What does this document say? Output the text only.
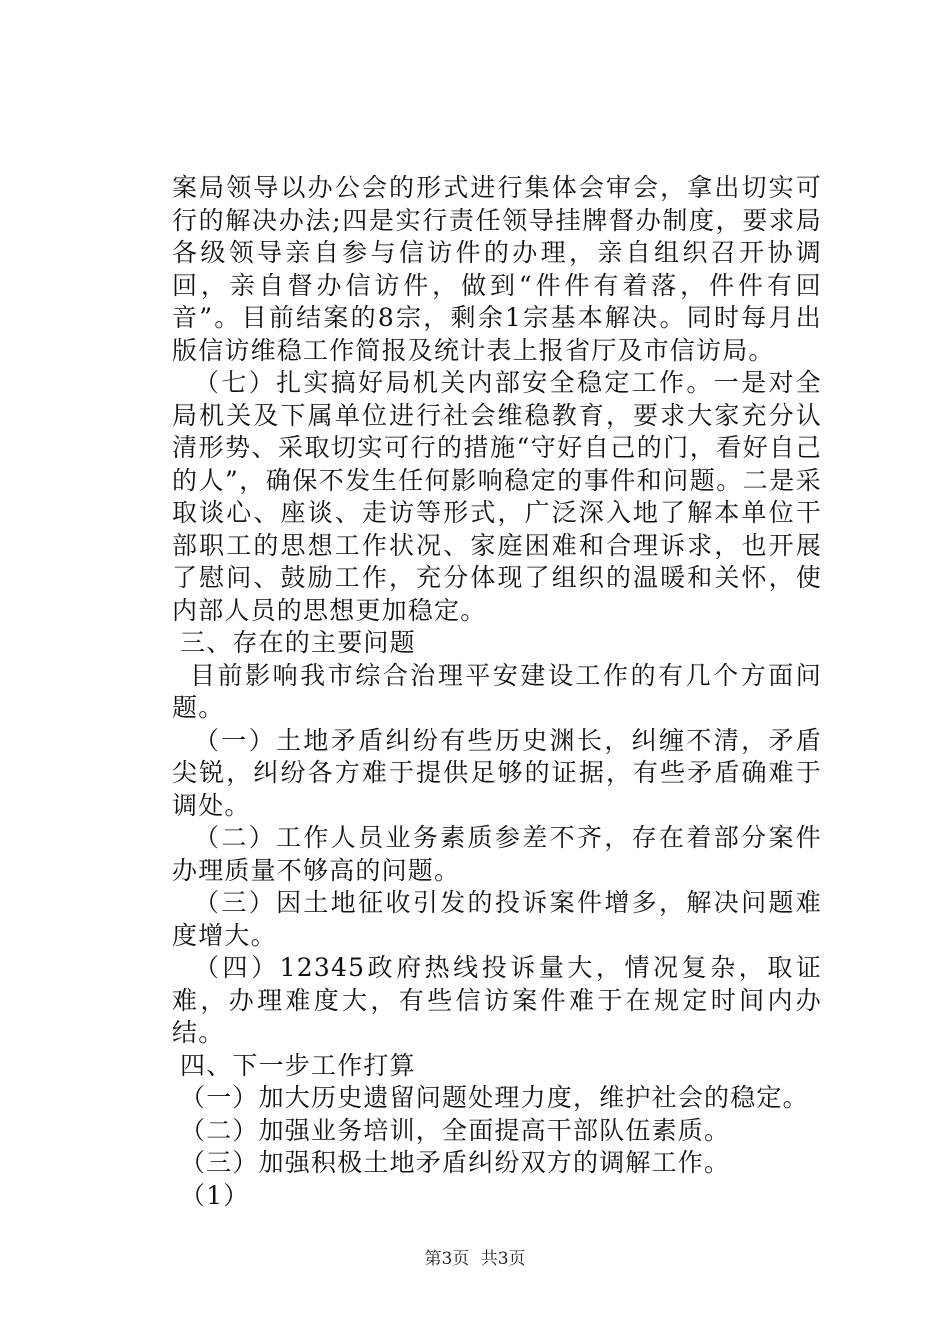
案局领导以办公会的形式进行集体会审会，拿出切实可行的解决办法;四是实行责任领导挂牌督办制度，要求局各级领导亲自参与信访件的办理，亲自组织召开协调回，亲自督办信访件，做到“件件有着落，件件有回音”。目前结案的8宗，剩余1宗基本解决。同时每月出版信访维稳工作简报及统计表上报省厅及市信访局。

（七）扎实搞好局机关内部安全稳定工作。一是对全局机关及下属单位进行社会维稳教育，要求大家充分认清形势、采取切实可行的措施“守好自己的门，看好自己的人”，确保不发生任何影响稳定的事件和问题。二是采取谈心、座谈、走访等形式，广泛深入地了解本单位干部职工的思想工作状况、家庭困难和合理诉求，也开展了慰问、鼓励工作，充分体现了组织的温暖和关怀，使内部人员的思想更加稳定。

三、存在的主要问题

目前影响我市综合治理平安建设工作的有几个方面问题。

（一）土地矛盾纠纷有些历史渊长，纠缠不清，矛盾尖锐，纠纷各方难于提供足够的证据，有些矛盾确难于调处。

（二）工作人员业务素质参差不齐，存在着部分案件办理质量不够高的问题。

（三）因土地征收引发的投诉案件增多，解决问题难度增大。

（四）12345政府热线投诉量大，情况复杂，取证难，办理难度大，有些信访案件难于在规定时间内办结。

四、下一步工作打算

（一）加大历史遗留问题处理力度，维护社会的稳定。

（二）加强业务培训，全面提高干部队伍素质。

（三）加强积极土地矛盾纠纷双方的调解工作。

（1）

第3页 共3页
